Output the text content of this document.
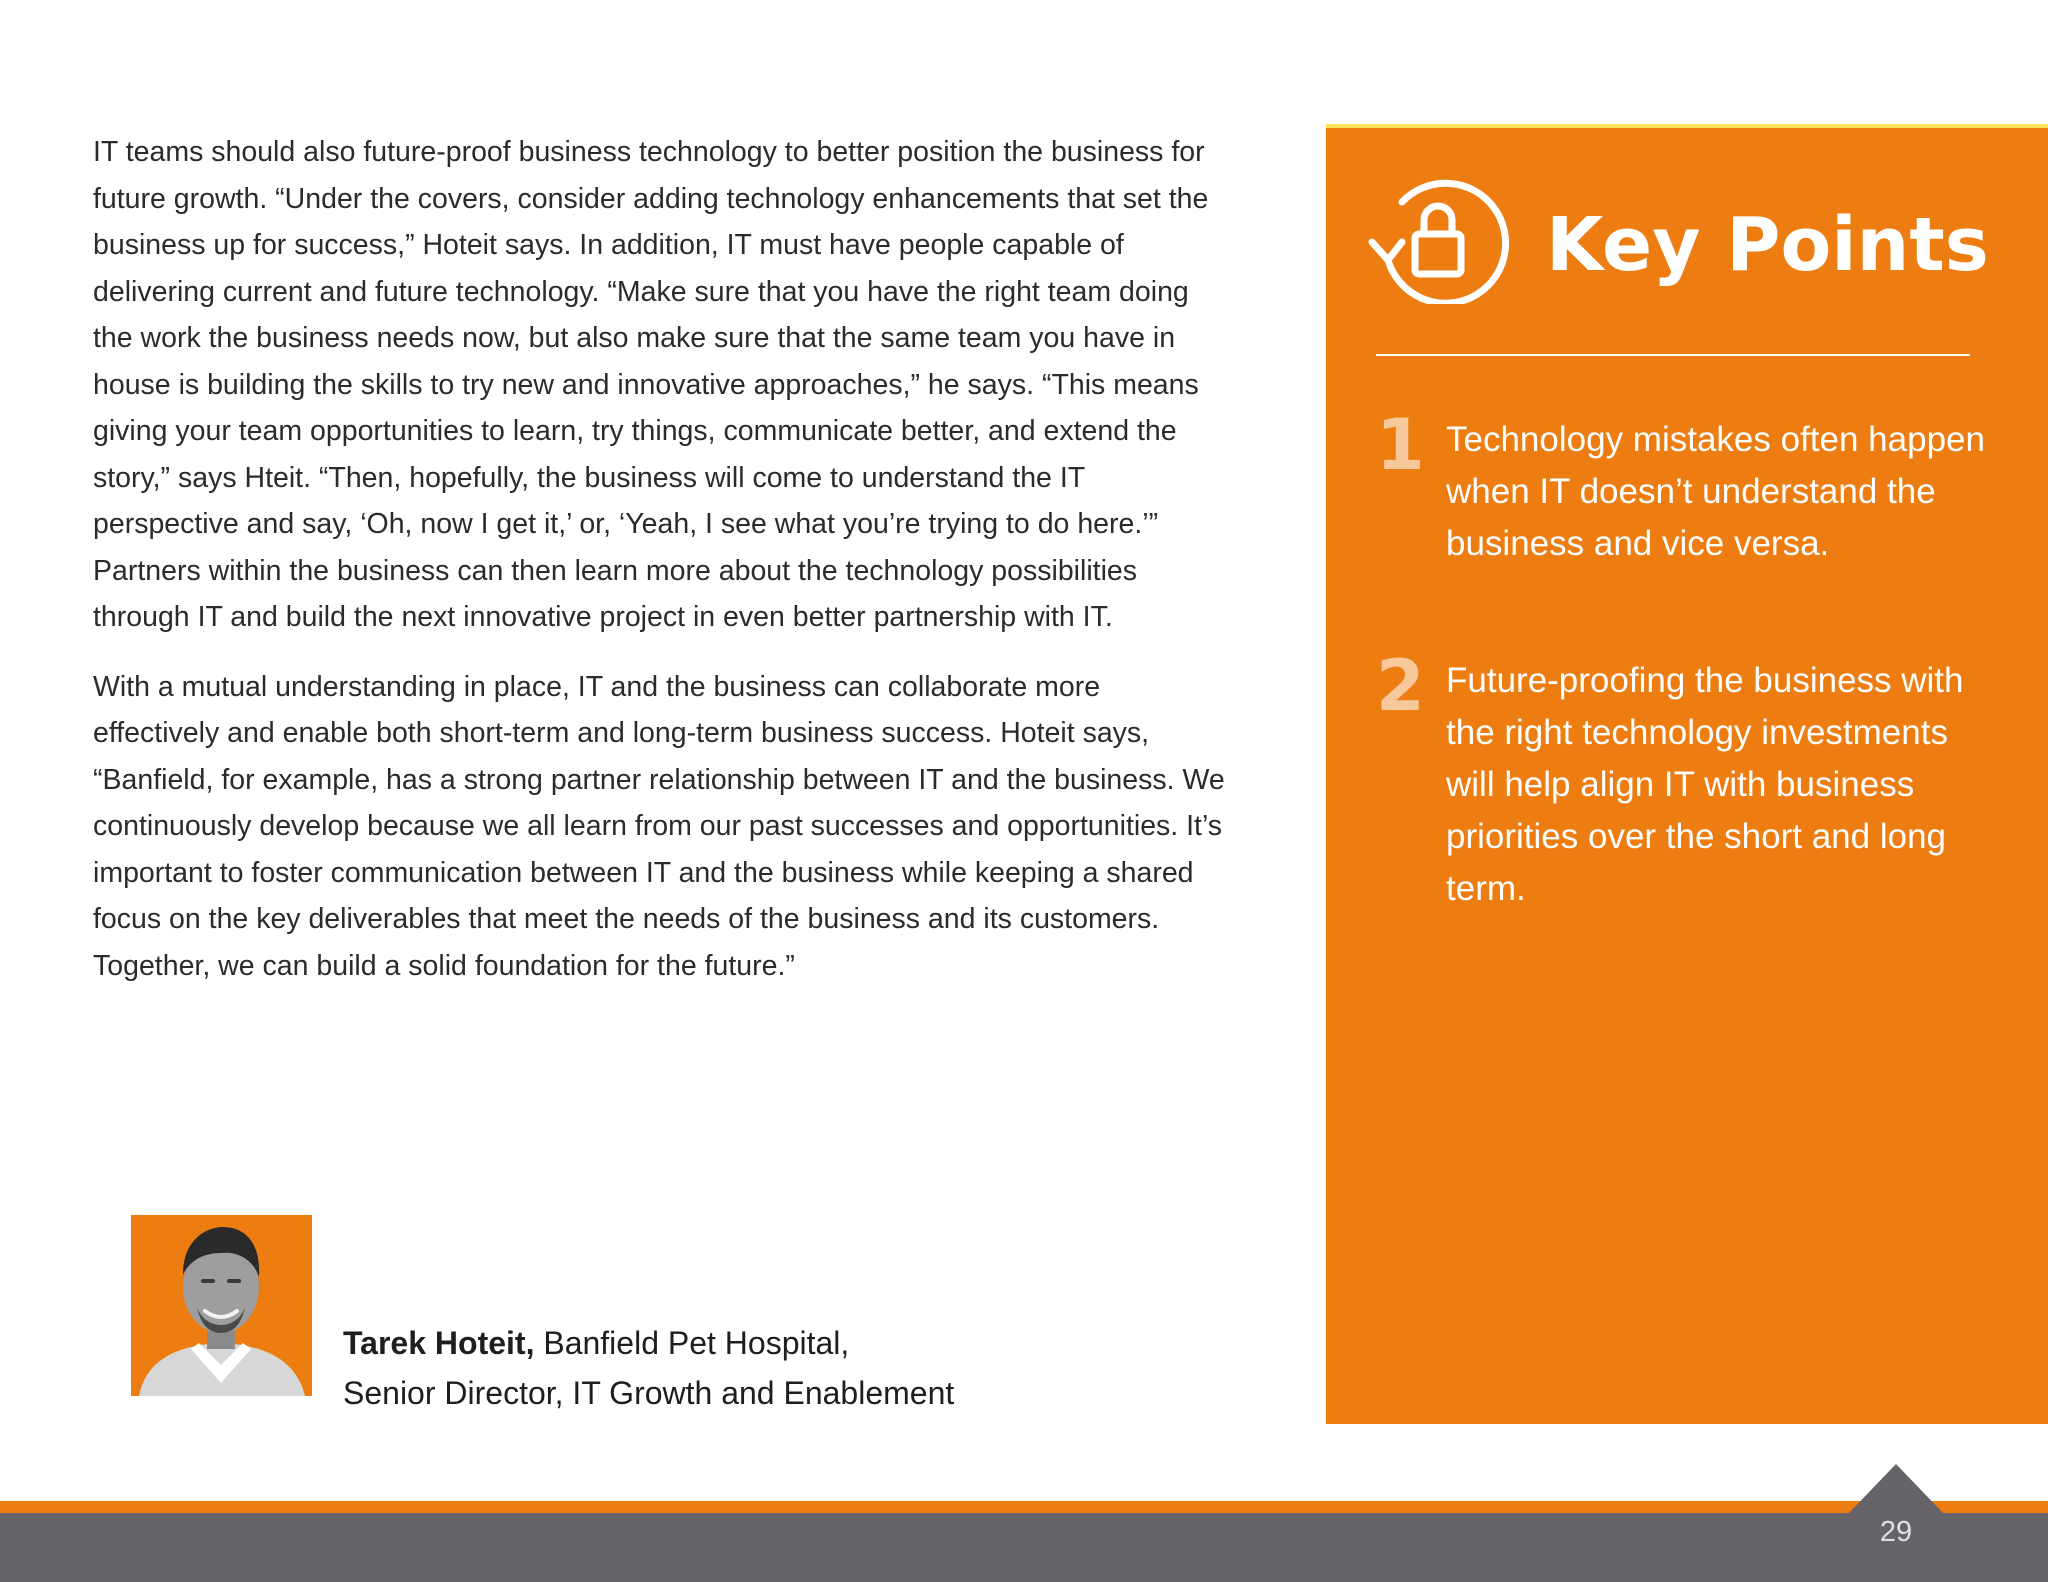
IT teams should also future-proof business technology to better position the business for future growth. “Under the covers, consider adding technology enhancements that set the business up for success,” Hoteit says. In addition, IT must have people capable of delivering current and future technology. “Make sure that you have the right team doing the work the business needs now, but also make sure that the same team you have in house is building the skills to try new and innovative approaches,” he says. “This means giving your team opportunities to learn, try things, communicate better, and extend the story,” says Hteit. “Then, hopefully, the business will come to understand the IT perspective and say, ‘Oh, now I get it,’ or, ‘Yeah, I see what you’re trying to do here.’” Partners within the business can then learn more about the technology possibilities through IT and build the next innovative project in even better partnership with IT.

With a mutual understanding in place, IT and the business can collaborate more effectively and enable both short-term and long-term business success. Hoteit says, “Banfield, for example, has a strong partner relationship between IT and the business. We continuously develop because we all learn from our past successes and opportunities. It’s important to foster communication between IT and the business while keeping a shared focus on the key deliverables that meet the needs of the business and its customers. Together, we can build a solid foundation for the future.”

Key Points
1 Technology mistakes often happen when IT doesn’t understand the business and vice versa.
2 Future-proofing the business with the right technology investments will help align IT with business priorities over the short and long term.
Tarek Hoteit, Banfield Pet Hospital,
Senior Director, IT Growth and Enablement
29
